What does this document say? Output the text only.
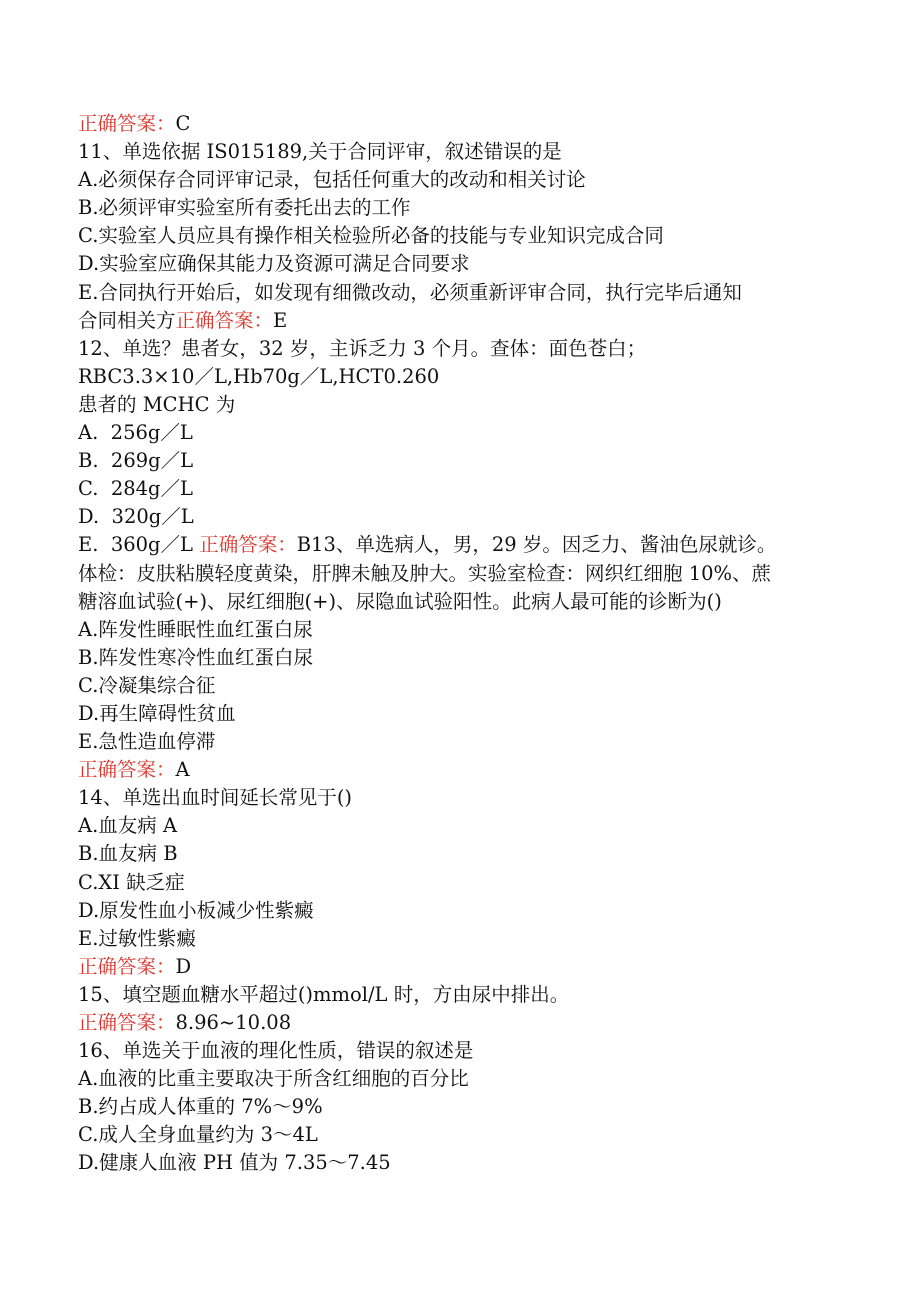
正确答案：C
11、单选依据 IS015189,关于合同评审，叙述错误的是
A.必须保存合同评审记录，包括任何重大的改动和相关讨论
B.必须评审实验室所有委托出去的工作
C.实验室人员应具有操作相关检验所必备的技能与专业知识完成合同
D.实验室应确保其能力及资源可满足合同要求
E.合同执行开始后，如发现有细微改动，必须重新评审合同，执行完毕后通知
合同相关方正确答案：E
12、单选？患者女，32 岁，主诉乏力 3 个月。查体：面色苍白；
RBC3.3×10／L,Hb70g／L,HCT0.260
患者的 MCHC 为
A.  256g／L
B.  269g／L
C.  284g／L
D.  320g／L
E.  360g／L 正确答案：B13、单选病人，男，29 岁。因乏力、酱油色尿就诊。
体检：皮肤粘膜轻度黄染，肝脾未触及肿大。实验室检查：网织红细胞 10%、蔗
糖溶血试验(+)、尿红细胞(+)、尿隐血试验阳性。此病人最可能的诊断为()
A.阵发性睡眠性血红蛋白尿
B.阵发性寒冷性血红蛋白尿
C.冷凝集综合征
D.再生障碍性贫血
E.急性造血停滞
正确答案：A
14、单选出血时间延长常见于()
A.血友病 A
B.血友病 B
C.XI 缺乏症
D.原发性血小板减少性紫癜
E.过敏性紫癜
正确答案：D
15、填空题血糖水平超过()mmol/L 时，方由尿中排出。
正确答案：8.96~10.08
16、单选关于血液的理化性质，错误的叙述是
A.血液的比重主要取决于所含红细胞的百分比
B.约占成人体重的 7%～9%
C.成人全身血量约为 3～4L
D.健康人血液 PH 值为 7.35～7.45
